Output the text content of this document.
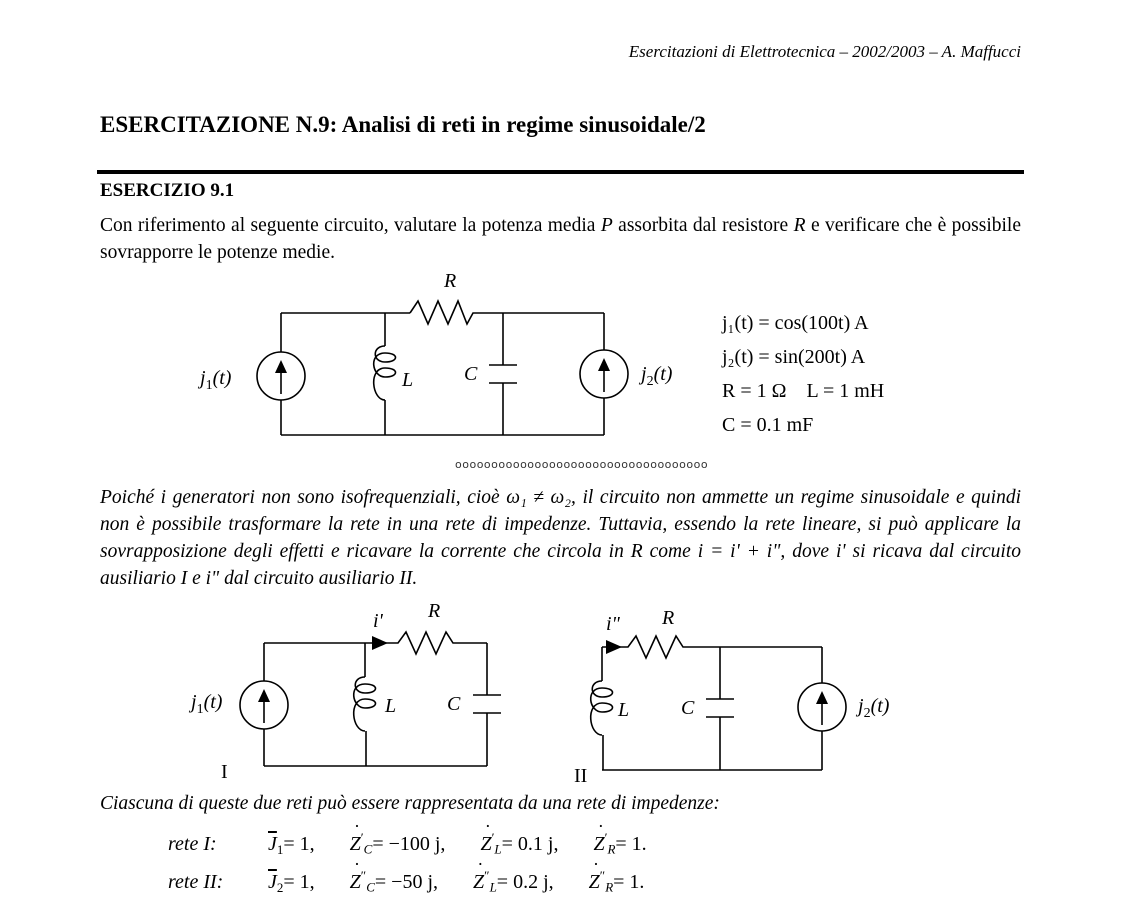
Esercitazioni di Elettrotecnica – 2002/2003 – A. Maffucci
ESERCITAZIONE N.9: Analisi di reti in regime sinusoidale/2
ESERCIZIO 9.1
Con riferimento al seguente circuito, valutare la potenza media P assorbita dal resistore R e verificare che è possibile sovrapporre le potenze medie.
R
L	C
$j_1(t)$	$j_2(t)$
i' R
L	C
$j_1(t)$
I
i" R
L	C	$j_2(t)$
II
j₁(t) = cos(100t) A
j₂(t) = sin(200t) A
R = 1 Ω    L = 1 mH
C = 0.1 mF
ooooooooooooooooooooooooooooooooooo
Poiché i generatori non sono isofrequenziali, cioè ω₁ ≠ ω₂, il circuito non ammette un regime sinusoidale e quindi non è possibile trasformare la rete in una rete di impedenze. Tuttavia, essendo la rete lineare, si può applicare la sovrapposizione degli effetti e ricavare la corrente che circola in R come i = i' + i", dove i' si ricava dal circuito ausiliario I e i" dal circuito ausiliario II.
Ciascuna di queste due reti può essere rappresentata da una rete di impedenze:
rete I:	$\overline{J}_1= 1$, ˙ $Z'_C= -100$ j, ˙ $Z'_L= 0.1$ j, ˙ $Z'_R= 1$.
rete II: $\overline{J}_2= 1$, ˙ $Z''_C= -50$ j, ˙ $Z''_L= 0.2$ j, ˙ $Z''_R= 1$.
